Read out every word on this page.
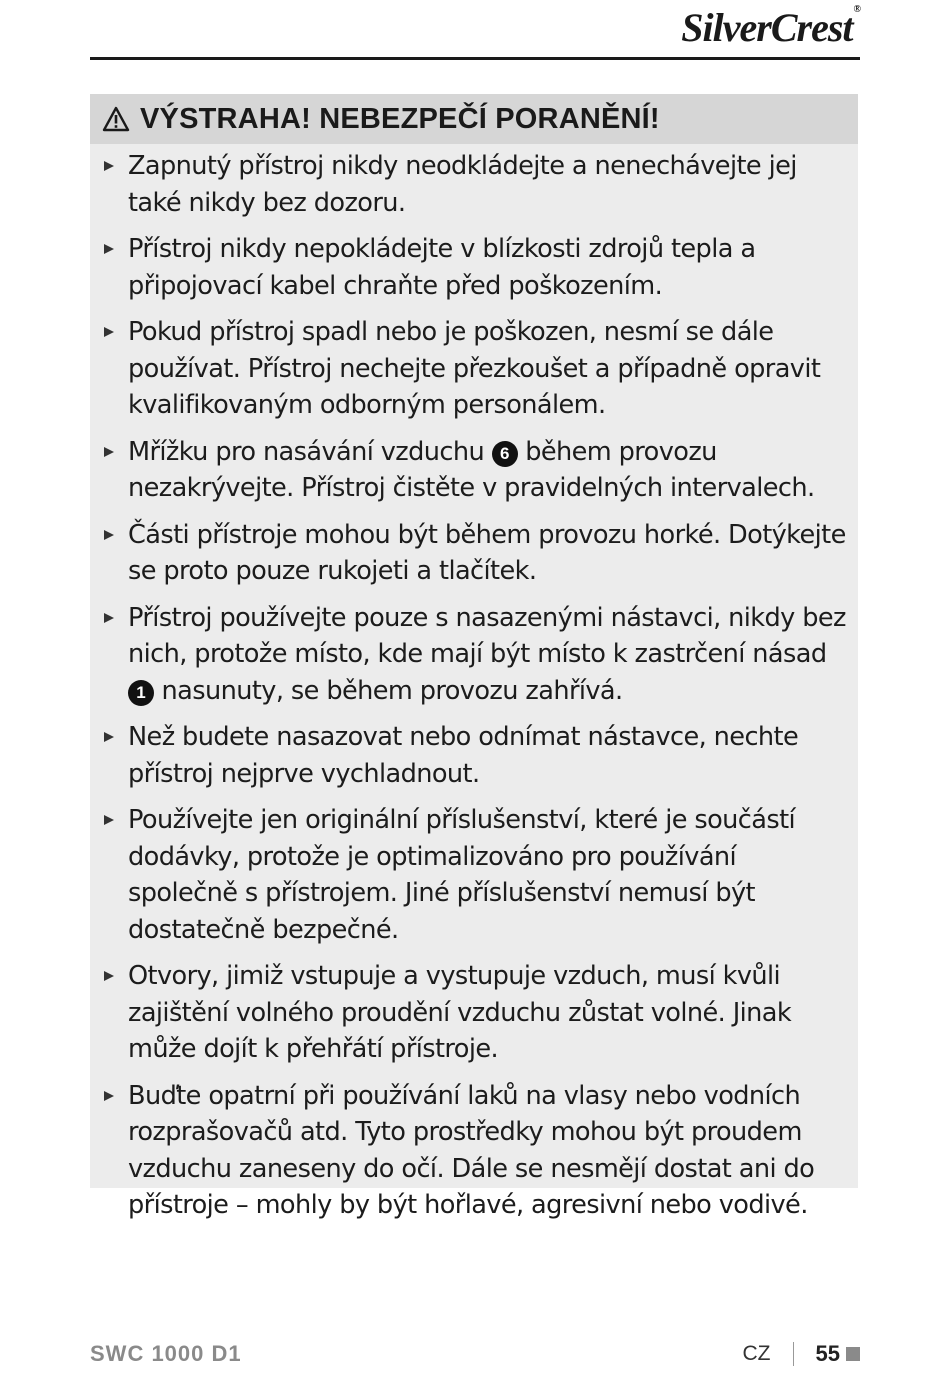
SilverCrest®
VÝSTRAHA! NEBEZPEČÍ PORANĚNÍ!
Zapnutý přístroj nikdy neodkládejte a nenechávejte jej také nikdy bez dozoru.
Přístroj nikdy nepokládejte v blízkosti zdrojů tepla a připojovací kabel chraňte před poškozením.
Pokud přístroj spadl nebo je poškozen, nesmí se dále používat. Přístroj nechejte přezkoušet a případně opravit kvalifikovaným odborným personálem.
Mřížku pro nasávání vzduchu 6 během provozu nezakrývejte. Přístroj čistěte v pravidelných intervalech.
Části přístroje mohou být během provozu horké. Dotýkejte se proto pouze rukojeti a tlačítek.
Přístroj používejte pouze s nasazenými nástavci, nikdy bez nich, protože místo, kde mají být místo k zastrčení násad 1 nasunuty, se během provozu zahřívá.
Než budete nasazovat nebo odnímat nástavce, nechte přístroj nejprve vychladnout.
Používejte jen originální příslušenství, které je součástí dodávky, protože je optimalizováno pro používání společně s přístrojem. Jiné příslušenství nemusí být dostatečně bezpečné.
Otvory, jimiž vstupuje a vystupuje vzduch, musí kvůli zajištění volného proudění vzduchu zůstat volné. Jinak může dojít k přehřátí přístroje.
Buďte opatrní při používání laků na vlasy nebo vodních rozprašovačů atd. Tyto prostředky mohou být proudem vzduchu zaneseny do očí. Dále se nesmějí dostat ani do přístroje – mohly by být hořlavé, agresivní nebo vodivé.
SWC 1000 D1	CZ 55
